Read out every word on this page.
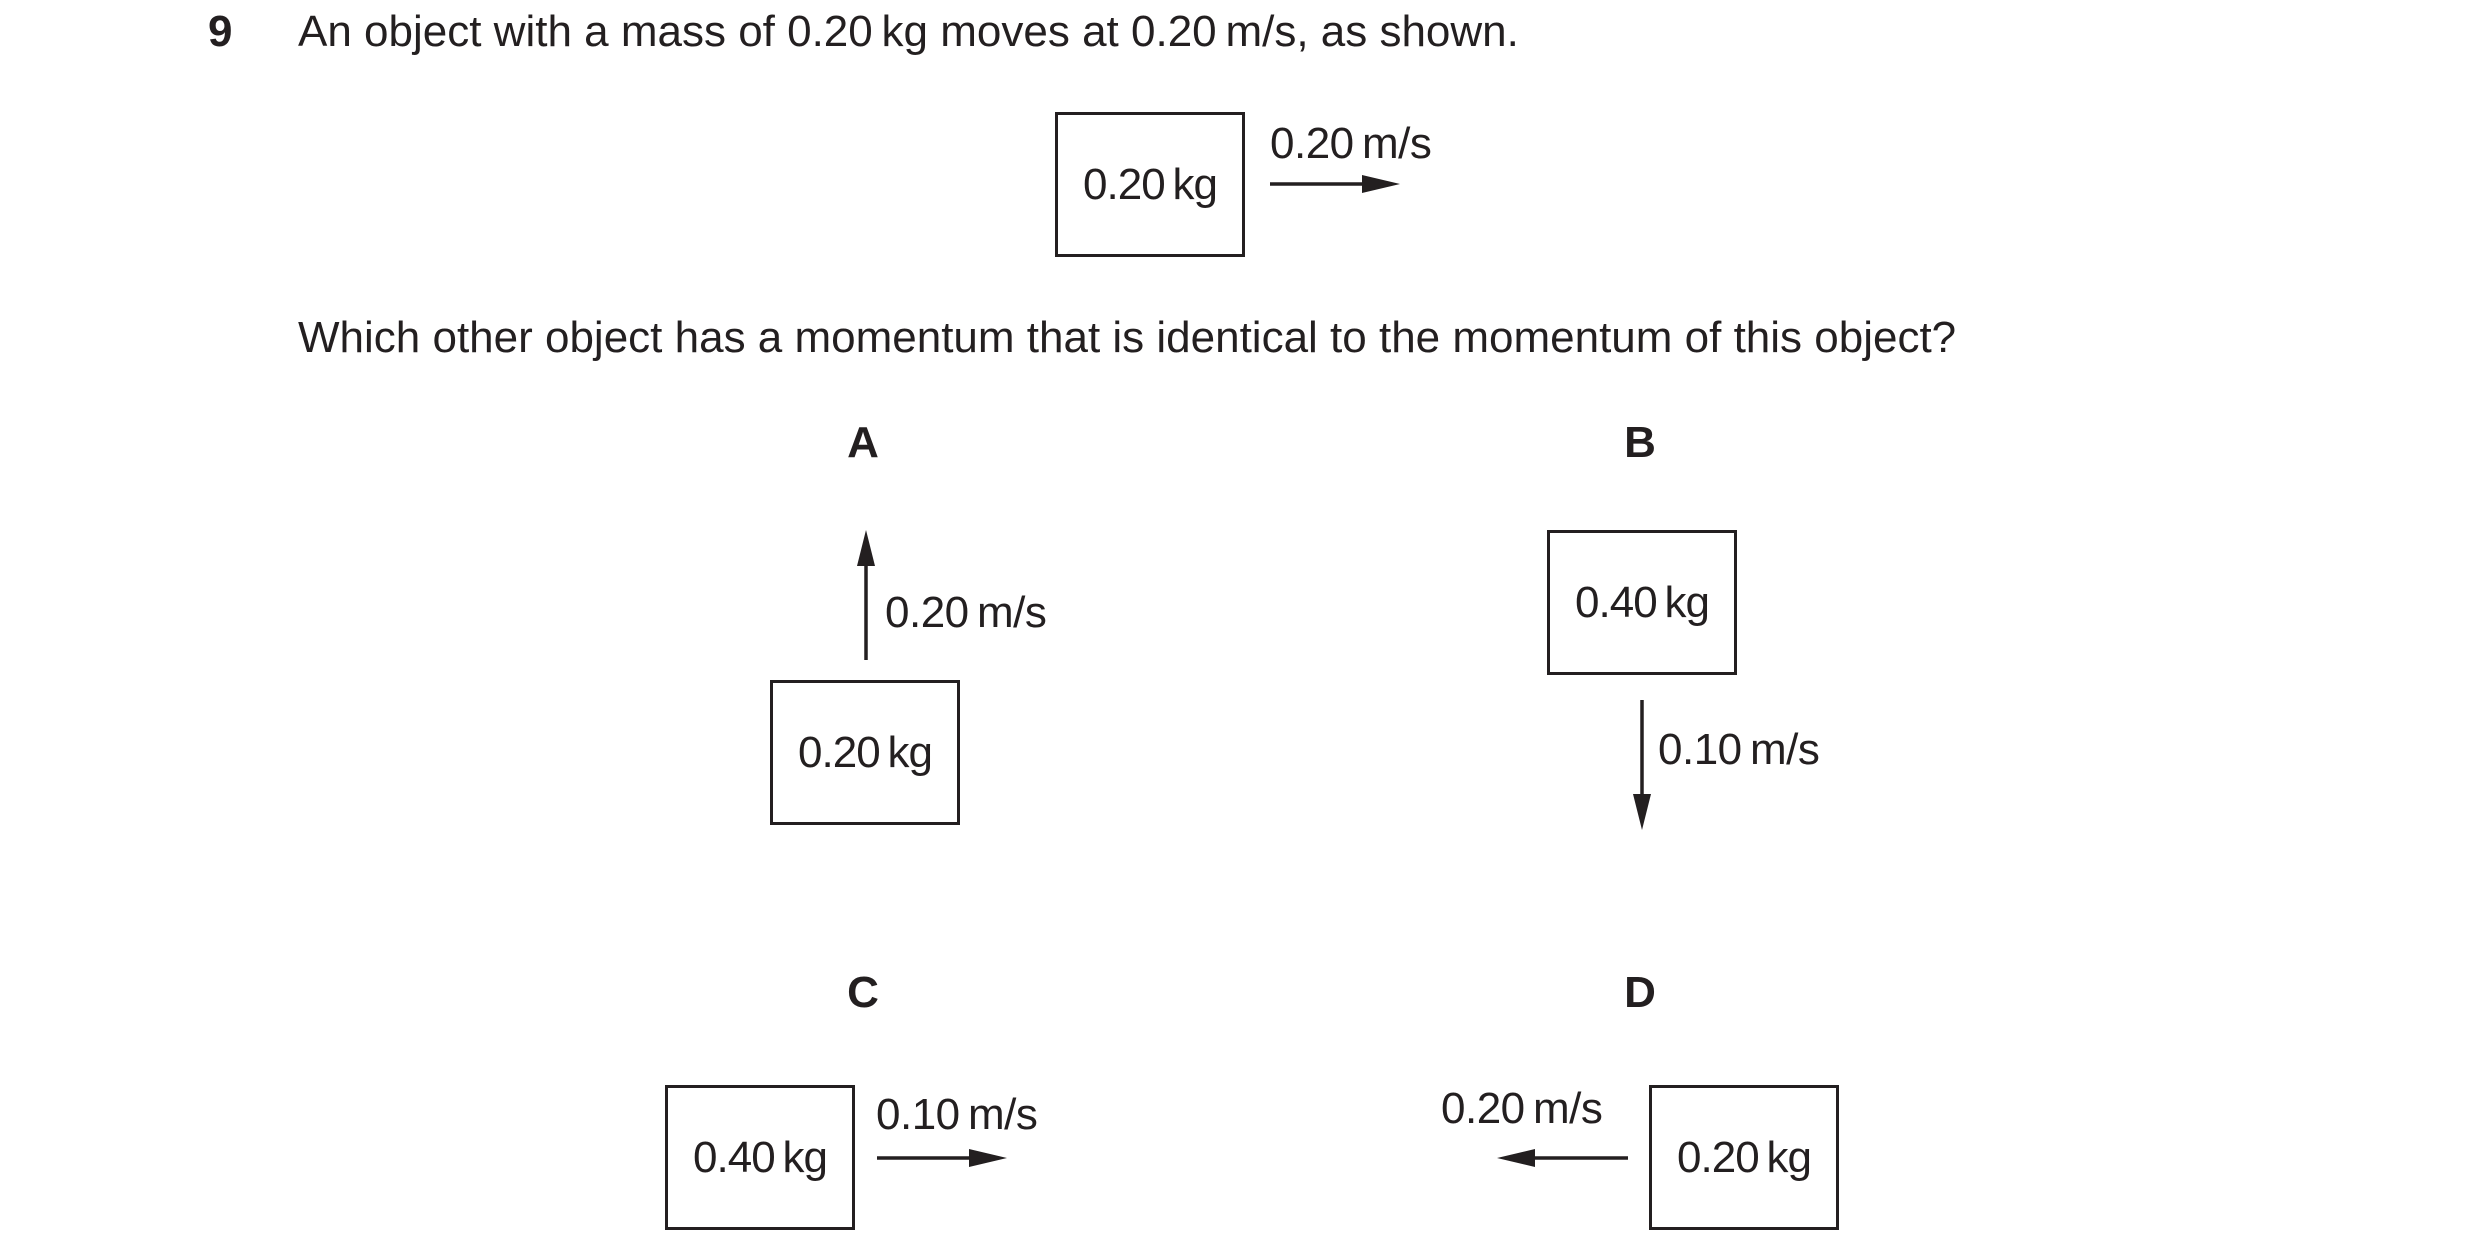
9 An object with a mass of 0.20 kg moves at 0.20 m/s, as shown.
0.20 kg
0.20 m/s
Which other object has a momentum that is identical to the momentum of this object?
A
0.20 kg
0.20 m/s
B
0.40 kg
0.10 m/s
C
0.40 kg
0.10 m/s
D
0.20 kg
0.20 m/s
